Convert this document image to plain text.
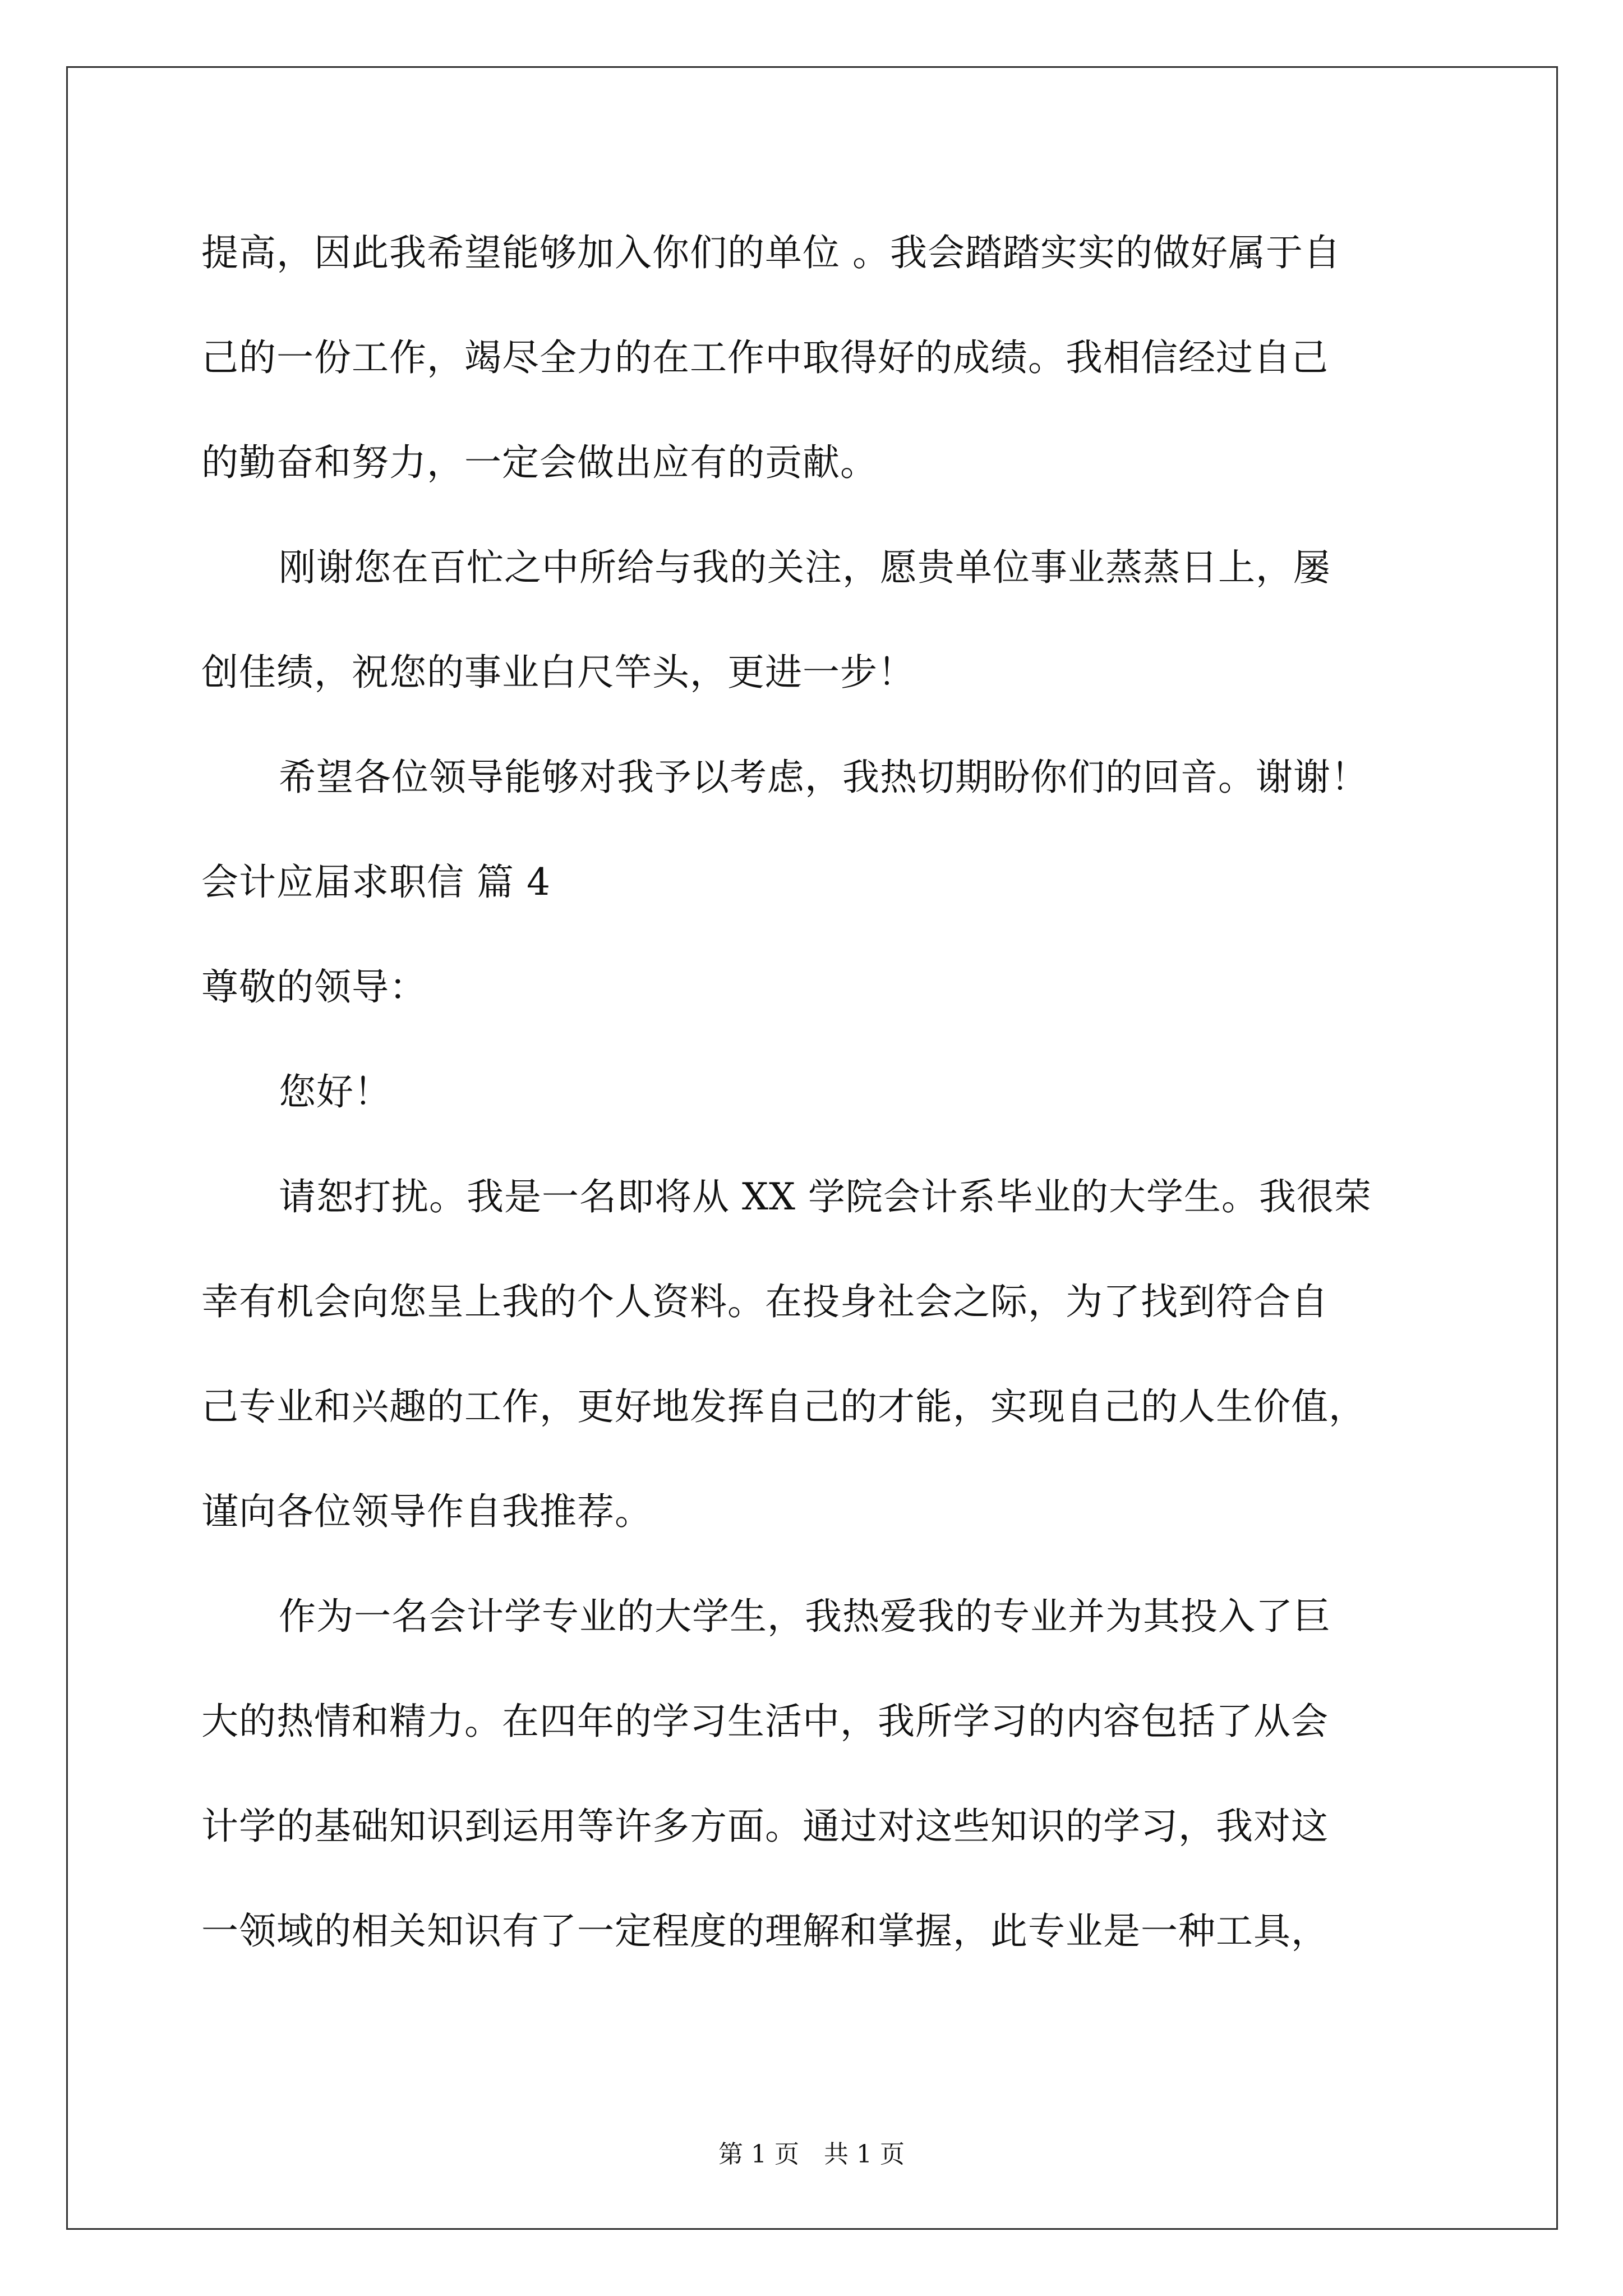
提高，因此我希望能够加入你们的单位 。我会踏踏实实的做好属于自
己的一份工作，竭尽全力的在工作中取得好的成绩。我相信经过自己
的勤奋和努力，一定会做出应有的贡献。
刚谢您在百忙之中所给与我的关注，愿贵单位事业蒸蒸日上，屡
创佳绩，祝您的事业白尺竿头，更进一步！
希望各位领导能够对我予以考虑，我热切期盼你们的回音。谢谢！
会计应届求职信 篇 4
尊敬的领导：
您好！
请恕打扰。我是一名即将从 XX 学院会计系毕业的大学生。我很荣
幸有机会向您呈上我的个人资料。在投身社会之际，为了找到符合自
己专业和兴趣的工作，更好地发挥自己的才能，实现自己的人生价值，
谨向各位领导作自我推荐。
作为一名会计学专业的大学生，我热爱我的专业并为其投入了巨
大的热情和精力。在四年的学习生活中，我所学习的内容包括了从会
计学的基础知识到运用等许多方面。通过对这些知识的学习，我对这
一领域的相关知识有了一定程度的理解和掌握，此专业是一种工具，
第 1 页　共 1 页
